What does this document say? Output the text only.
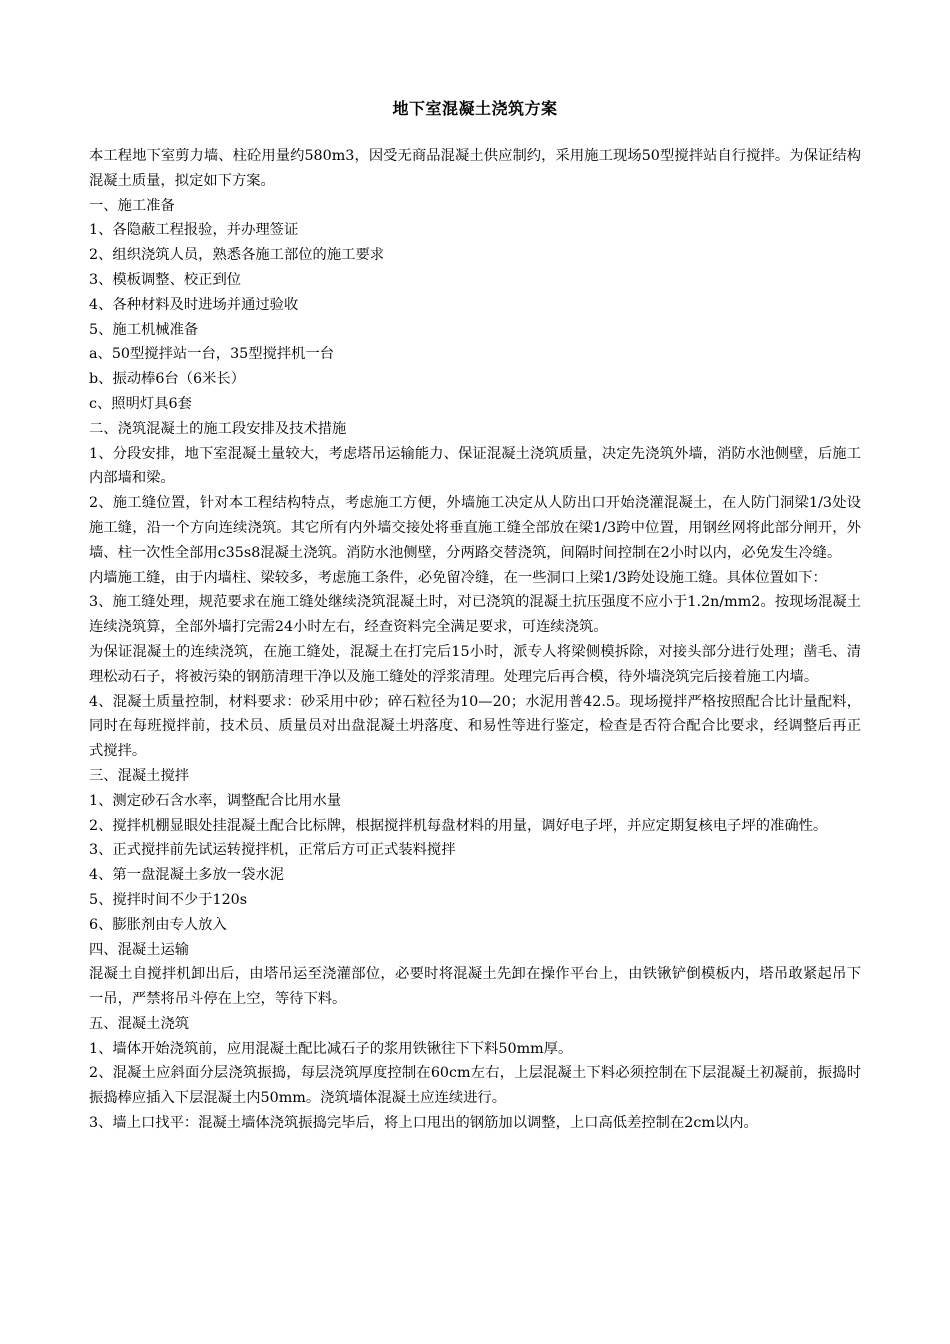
地下室混凝土浇筑方案

本工程地下室剪力墙、柱砼用量约580m3，因受无商品混凝土供应制约，采用施工现场50型搅拌站自行搅拌。为保证结构混凝土质量，拟定如下方案。

一、施工准备

1、各隐蔽工程报验，并办理签证

2、组织浇筑人员，熟悉各施工部位的施工要求

3、模板调整、校正到位

4、各种材料及时进场并通过验收

5、施工机械准备

a、50型搅拌站一台，35型搅拌机一台

b、振动棒6台（6米长）

c、照明灯具6套

二、浇筑混凝土的施工段安排及技术措施

1、分段安排，地下室混凝土量较大，考虑塔吊运输能力、保证混凝土浇筑质量，决定先浇筑外墙，消防水池侧壁，后施工内部墙和梁。

2、施工缝位置，针对本工程结构特点，考虑施工方便，外墙施工决定从人防出口开始浇灌混凝土，在人防门洞梁1/3处设施工缝，沿一个方向连续浇筑。其它所有内外墙交接处将垂直施工缝全部放在梁1/3跨中位置，用钢丝网将此部分闸开，外墙、柱一次性全部用c35s8混凝土浇筑。消防水池侧壁，分两路交替浇筑，间隔时间控制在2小时以内，必免发生冷缝。

内墙施工缝，由于内墙柱、梁较多，考虑施工条件，必免留冷缝，在一些洞口上梁1/3跨处设施工缝。具体位置如下：

3、施工缝处理，规范要求在施工缝处继续浇筑混凝土时，对已浇筑的混凝土抗压强度不应小于1.2n/mm2。按现场混凝土连续浇筑算，全部外墙打完需24小时左右，经查资料完全满足要求，可连续浇筑。

为保证混凝土的连续浇筑，在施工缝处，混凝土在打完后15小时，派专人将梁侧模拆除，对接头部分进行处理；凿毛、清理松动石子，将被污染的钢筋清理干净以及施工缝处的浮浆清理。处理完后再合模，待外墙浇筑完后接着施工内墙。

4、混凝土质量控制，材料要求：砂采用中砂；碎石粒径为10—20；水泥用普42.5。现场搅拌严格按照配合比计量配料，同时在每班搅拌前，技术员、质量员对出盘混凝土坍落度、和易性等进行鉴定，检查是否符合配合比要求，经调整后再正式搅拌。

三、混凝土搅拌

1、测定砂石含水率，调整配合比用水量

2、搅拌机棚显眼处挂混凝土配合比标牌，根据搅拌机每盘材料的用量，调好电子坪，并应定期复核电子坪的准确性。

3、正式搅拌前先试运转搅拌机，正常后方可正式装料搅拌

4、第一盘混凝土多放一袋水泥

5、搅拌时间不少于120s

6、膨胀剂由专人放入

四、混凝土运输

混凝土自搅拌机卸出后，由塔吊运至浇灌部位，必要时将混凝土先卸在操作平台上，由铁锹铲倒模板内，塔吊敢紧起吊下一吊，严禁将吊斗停在上空，等待下料。

五、混凝土浇筑

1、墙体开始浇筑前，应用混凝土配比减石子的浆用铁锹往下下料50mm厚。

2、混凝土应斜面分层浇筑振捣，每层浇筑厚度控制在60cm左右，上层混凝土下料必须控制在下层混凝土初凝前，振捣时振捣棒应插入下层混凝土内50mm。浇筑墙体混凝土应连续进行。

3、墙上口找平：混凝土墙体浇筑振捣完毕后，将上口甩出的钢筋加以调整，上口高低差控制在2cm以内。
